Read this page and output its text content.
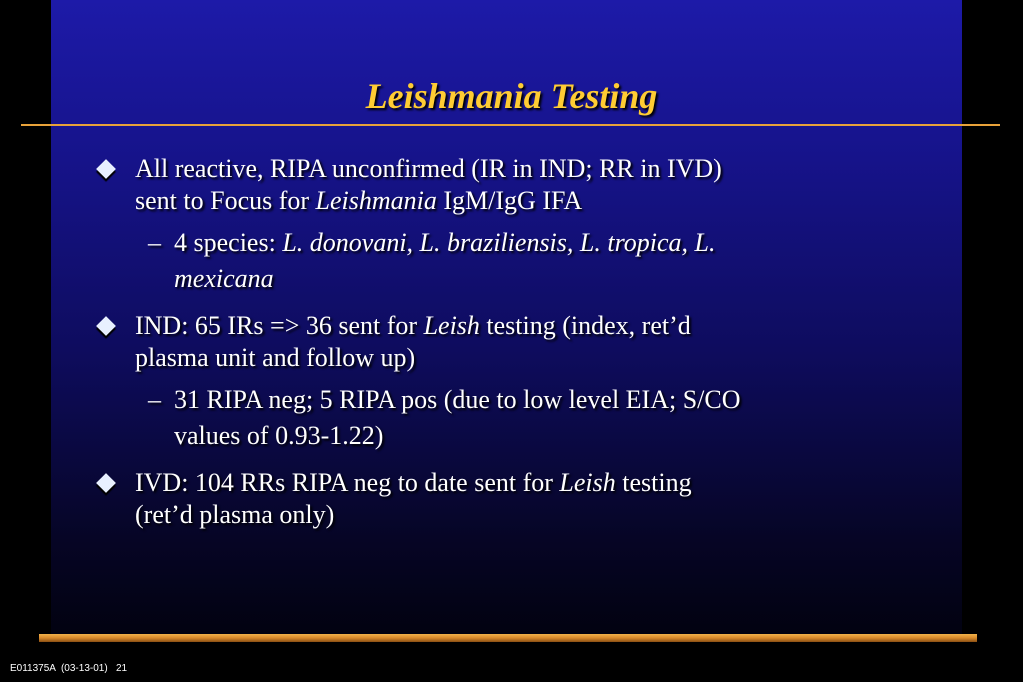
Leishmania Testing
All reactive, RIPA unconfirmed (IR in IND; RR in IVD)
sent to Focus for Leishmania IgM/IgG IFA
– 4 species: L. donovani, L. braziliensis, L. tropica, L.
mexicana
IND: 65 IRs => 36 sent for Leish testing (index, ret’d
plasma unit and follow up)
– 31 RIPA neg; 5 RIPA pos (due to low level EIA; S/CO
values of 0.93-1.22)
IVD: 104 RRs RIPA neg to date sent for Leish testing
(ret’d plasma only)
E011375A  (03-13-01)   21
